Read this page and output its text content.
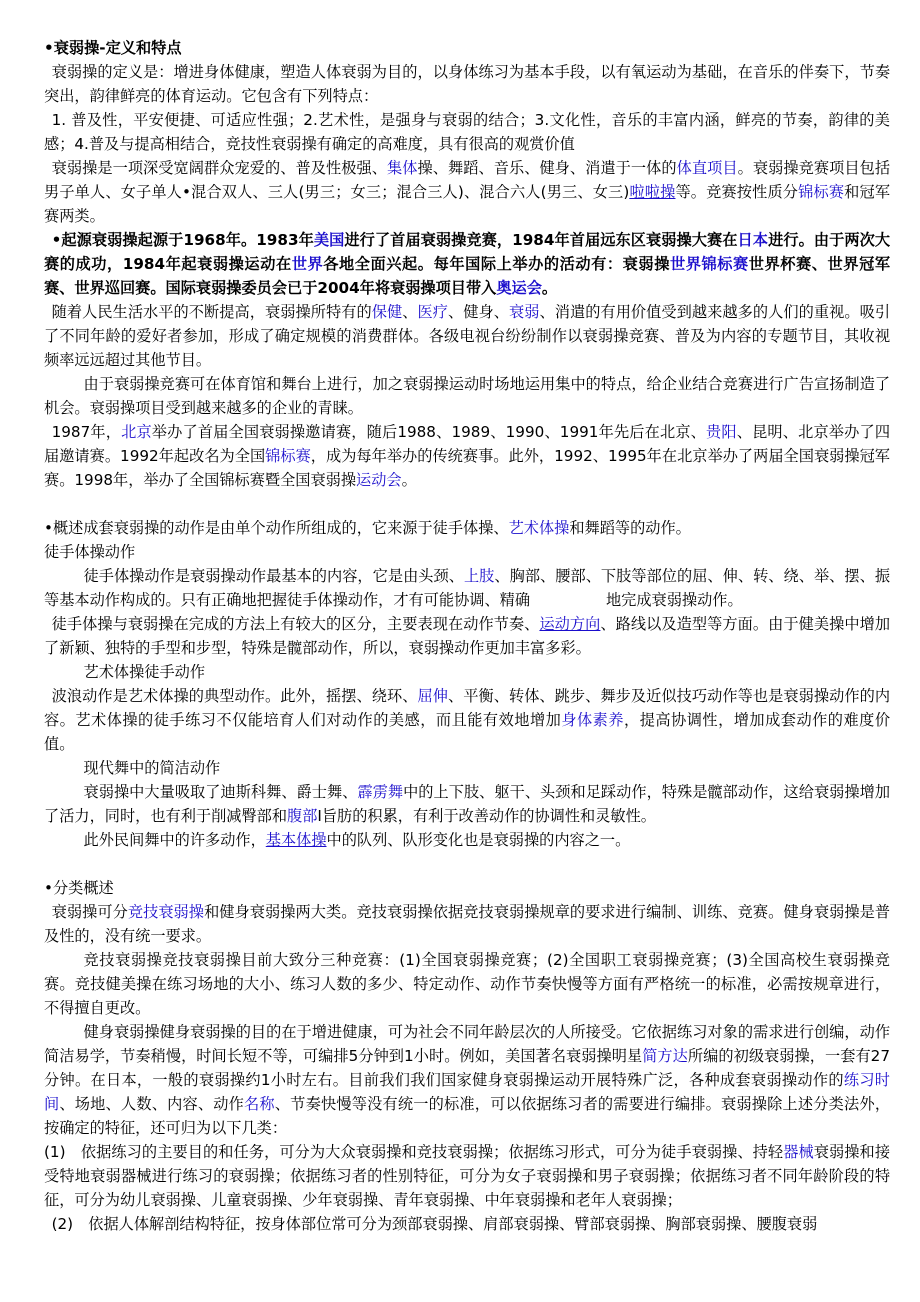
•衰弱操-定义和特点

衰弱操的定义是：增进身体健康，塑造人体衰弱为目的，以身体练习为基本手段，以有氧运动为基础，在音乐的伴奏下，节奏突出，韵律鲜亮的体育运动。它包含有下列特点：

1. 普及性，平安便捷、可适应性强；2.艺术性，是强身与衰弱的结合；3.文化性，音乐的丰富内涵，鲜亮的节奏，韵律的美感；4.普及与提高相结合，竞技性衰弱操有确定的高难度，具有很高的观赏价值

衰弱操是一项深受宽阔群众宠爱的、普及性极强、集体操、舞蹈、音乐、健身、消遣于一体的体直项目。衰弱操竞赛项目包括男子单人、女子单人•混合双人、三人(男三；女三；混合三人)、混合六人(男三、女三)啦啦操等。竞赛按性质分锦标赛和冠军赛两类。

•起源衰弱操起源于1968年。1983年美国进行了首届衰弱操竞赛，1984年首届远东区衰弱操大赛在日本进行。由于两次大赛的成功，1984年起衰弱操运动在世界各地全面兴起。每年国际上举办的活动有：衰弱操世界锦标赛世界杯赛、世界冠军赛、世界巡回赛。国际衰弱操委员会已于2004年将衰弱操项目带入奥运会。

随着人民生活水平的不断提高，衰弱操所特有的保健、医疗、健身、衰弱、消遣的有用价值受到越来越多的人们的重视。吸引了不同年龄的爱好者参加，形成了确定规模的消费群体。各级电视台纷纷制作以衰弱操竞赛、普及为内容的专题节目，其收视频率远远超过其他节目。

由于衰弱操竞赛可在体育馆和舞台上进行，加之衰弱操运动时场地运用集中的特点，给企业结合竞赛进行广告宣扬制造了机会。衰弱操项目受到越来越多的企业的青睐。

1987年，北京举办了首届全国衰弱操邀请赛，随后1988、1989、1990、1991年先后在北京、贵阳、昆明、北京举办了四届邀请赛。1992年起改名为全国锦标赛，成为每年举办的传统赛事。此外，1992、1995年在北京举办了两届全国衰弱操冠军赛。1998年，举办了全国锦标赛暨全国衰弱操运动会。

•概述成套衰弱操的动作是由单个动作所组成的，它来源于徒手体操、艺术体操和舞蹈等的动作。

徒手体操动作

徒手体操动作是衰弱操动作最基本的内容，它是由头颈、上肢、胸部、腰部、下肢等部位的屈、伸、转、绕、举、摆、振等基本动作构成的。只有正确地把握徒手体操动作，才有可能协调、精确　　　　　地完成衰弱操动作。

徒手体操与衰弱操在完成的方法上有较大的区分，主要表现在动作节奏、运动方向、路线以及造型等方面。由于健美操中增加了新颖、独特的手型和步型，特殊是髋部动作，所以，衰弱操动作更加丰富多彩。

艺术体操徒手动作

波浪动作是艺术体操的典型动作。此外，摇摆、绕环、屈伸、平衡、转体、跳步、舞步及近似技巧动作等也是衰弱操动作的内容。艺术体操的徒手练习不仅能培育人们对动作的美感，而且能有效地增加身体素养，提高协调性，增加成套动作的难度价值。

现代舞中的简洁动作

衰弱操中大量吸取了迪斯科舞、爵士舞、霹雳舞中的上下肢、躯干、头颈和足踩动作，特殊是髋部动作，这给衰弱操增加了活力，同时，也有利于削减臀部和腹部I旨肪的积累，有利于改善动作的协调性和灵敏性。

此外民间舞中的许多动作，基本体操中的队列、队形变化也是衰弱操的内容之一。

•分类概述

衰弱操可分竞技衰弱操和健身衰弱操两大类。竞技衰弱操依据竞技衰弱操规章的要求进行编制、训练、竞赛。健身衰弱操是普及性的，没有统一要求。

竞技衰弱操竞技衰弱操目前大致分三种竞赛：(1)全国衰弱操竞赛；(2)全国职工衰弱操竞赛；(3)全国高校生衰弱操竞赛。竞技健美操在练习场地的大小、练习人数的多少、特定动作、动作节奏快慢等方面有严格统一的标准，必需按规章进行，不得擅自更改。

健身衰弱操健身衰弱操的目的在于增进健康，可为社会不同年龄层次的人所接受。它依据练习对象的需求进行创编，动作简洁易学，节奏稍慢，时间长短不等，可编排5分钟到1小时。例如，美国著名衰弱操明星简方达所编的初级衰弱操，一套有27分钟。在日本，一般的衰弱操约1小时左右。目前我们我们国家健身衰弱操运动开展特殊广泛，各种成套衰弱操动作的练习时间、场地、人数、内容、动作名称、节奏快慢等没有统一的标准，可以依据练习者的需要进行编排。衰弱操除上述分类法外，按确定的特征，还可归为以下几类：

(1)　依据练习的主要目的和任务，可分为大众衰弱操和竞技衰弱操；依据练习形式，可分为徒手衰弱操、持轻器械衰弱操和接受特地衰弱器械进行练习的衰弱操；依据练习者的性别特征，可分为女子衰弱操和男子衰弱操；依据练习者不同年龄阶段的特征，可分为幼儿衰弱操、儿童衰弱操、少年衰弱操、青年衰弱操、中年衰弱操和老年人衰弱操；

(2)　依据人体解剖结构特征，按身体部位常可分为颈部衰弱操、肩部衰弱操、臂部衰弱操、胸部衰弱操、腰腹衰弱
